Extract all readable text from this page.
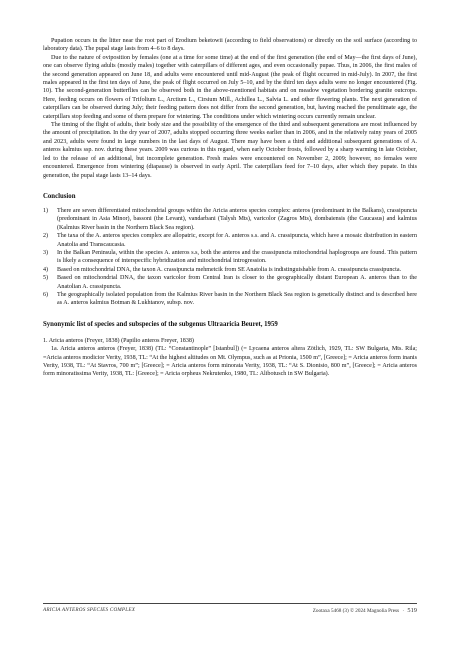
Pupation occurs in the litter near the root part of Erodium beketowii (according to field observations) or directly on the soil surface (according to laboratory data). The pupal stage lasts from 4–6 to 8 days.

Due to the nature of oviposition by females (one at a time for some time) at the end of the first generation (the end of May—the first days of June), one can observe flying adults (mostly males) together with caterpillars of different ages, and even occasionally pupae. Thus, in 2006, the first males of the second generation appeared on June 18, and adults were encountered until mid-August (the peak of flight occurred in mid-July). In 2007, the first males appeared in the first ten days of June, the peak of flight occurred on July 5–10, and by the third ten days adults were no longer encountered (Fig. 10). The second-generation butterflies can be observed both in the above-mentioned habitats and on meadow vegetation bordering granite outcrops. Here, feeding occurs on flowers of Trifolium L., Arctium L., Cirsium Mill., Achillea L., Salvia L. and other flowering plants. The next generation of caterpillars can be observed during July; their feeding pattern does not differ from the second generation, but, having reached the penultimate age, the caterpillars stop feeding and some of them prepare for wintering. The conditions under which wintering occurs currently remain unclear.

The timing of the flight of adults, their body size and the possibility of the emergence of the third and subsequent generations are most influenced by the amount of precipitation. In the dry year of 2007, adults stopped occurring three weeks earlier than in 2006, and in the relatively rainy years of 2005 and 2023, adults were found in large numbers in the last days of August. There may have been a third and additional subsequent generations of A. anteros kalmius ssp. nov. during these years. 2009 was curious in this regard, when early October frosts, followed by a sharp warming in late October, led to the release of an additional, but incomplete generation. Fresh males were encountered on November 2, 2009; however, no females were encountered. Emergence from wintering (diapause) is observed in early April. The caterpillars feed for 7–10 days, after which they pupate. In this generation, the pupal stage lasts 13–14 days.

Conclusion
1) There are seven differentiated mitochondrial groups within the Aricia anteros species complex: anteros (predominant in the Balkans), crassipuncta (predominant in Asia Minor), bassoni (the Levant), vandarbani (Talysh Mts), varicolor (Zagros Mts), dombaiensis (the Caucasus) and kalmius (Kalmius River basin in the Northern Black Sea region).
2) The taxa of the A. anteros species complex are allopatric, except for A. anteros s.s. and A. crassipuncta, which have a mosaic distribution in eastern Anatolia and Transcaucasia.
3) In the Balkan Peninsula, within the species A. anteros s.s, both the anteros and the crassipuncta mitochondrial haplogroups are found. This pattern is likely a consequence of interspecific hybridization and mitochondrial introgression.
4) Based on mitochondrial DNA, the taxon A. crassipuncta mehmetcik from SE Anatolia is indistinguishable from A. crassipuncta crassipuncta.
5) Based on mitochondrial DNA, the taxon varicolor from Central Iran is closer to the geographically distant European A. anteros than to the Anatolian A. crassipuncta.
6) The geographically isolated population from the Kalmius River basin in the Northern Black Sea region is genetically distinct and is described here as A. anteros kalmius Botman & Lukhtanov, subsp. nov.
Synonymic list of species and subspecies of the subgenus Ultraaricia Beuret, 1959

1. Aricia anteros (Freyer, 1838) (Papilio anteros Freyer, 1838)

1a. Aricia anteros anteros (Freyer, 1838) (TL: “Constantinople” [Istanbul]) (= Lycaena anteros altera Zötlich, 1929, TL: SW Bulgaria, Mts. Rila; =Aricia anteros modicior Verity, 1938, TL: “At the highest altitudes on Mt. Olympus, such as at Prionia, 1500 m”, [Greece]; = Aricia anteros form inanis Verity, 1938, TL: “At Stavros, 700 m”; [Greece]; = Aricia anteros form minorata Verity, 1938, TL: “At S. Dionisio, 800 m”, [Greece]; = Aricia anteros form minoratissima Verity, 1938, TL: [Greece]; = Aricia orpheus Nekrutenko, 1980, TL: Alibotusch in SW Bulgaria).

ARICIA ANTEROS SPECIES COMPLEX	Zootaxa 5468 (3) © 2024 Magnolia Press · 519
